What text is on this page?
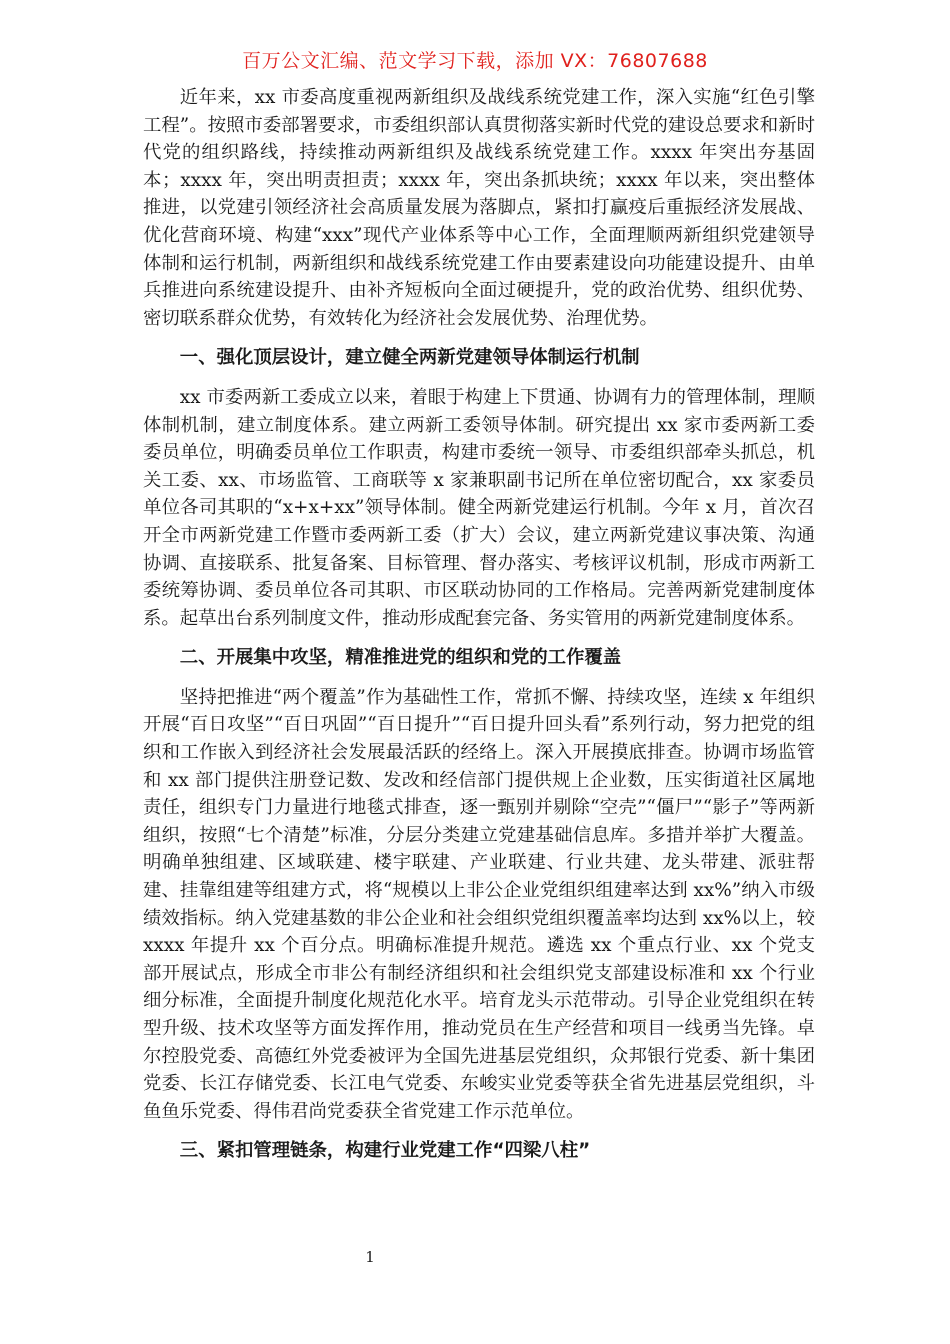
百万公文汇编、范文学习下载，添加 VX：76807688

近年来，xx 市委高度重视两新组织及战线系统党建工作，深入实施“红色引擎工程”。按照市委部署要求，市委组织部认真贯彻落实新时代党的建设总要求和新时代党的组织路线，持续推动两新组织及战线系统党建工作。xxxx 年突出夯基固本；xxxx 年，突出明责担责；xxxx 年，突出条抓块统；xxxx 年以来，突出整体推进，以党建引领经济社会高质量发展为落脚点，紧扣打赢疫后重振经济发展战、优化营商环境、构建“xxx”现代产业体系等中心工作，全面理顺两新组织党建领导体制和运行机制，两新组织和战线系统党建工作由要素建设向功能建设提升、由单兵推进向系统建设提升、由补齐短板向全面过硬提升，党的政治优势、组织优势、密切联系群众优势，有效转化为经济社会发展优势、治理优势。

一、强化顶层设计，建立健全两新党建领导体制运行机制

xx 市委两新工委成立以来，着眼于构建上下贯通、协调有力的管理体制，理顺体制机制，建立制度体系。建立两新工委领导体制。研究提出 xx 家市委两新工委委员单位，明确委员单位工作职责，构建市委统一领导、市委组织部牵头抓总，机关工委、xx、市场监管、工商联等 x 家兼职副书记所在单位密切配合，xx 家委员单位各司其职的“x+x+xx”领导体制。健全两新党建运行机制。今年 x 月，首次召开全市两新党建工作暨市委两新工委（扩大）会议，建立两新党建议事决策、沟通协调、直接联系、批复备案、目标管理、督办落实、考核评议机制，形成市两新工委统筹协调、委员单位各司其职、市区联动协同的工作格局。完善两新党建制度体系。起草出台系列制度文件，推动形成配套完备、务实管用的两新党建制度体系。

二、开展集中攻坚，精准推进党的组织和党的工作覆盖

坚持把推进“两个覆盖”作为基础性工作，常抓不懈、持续攻坚，连续 x 年组织开展“百日攻坚”“百日巩固”“百日提升”“百日提升回头看”系列行动，努力把党的组织和工作嵌入到经济社会发展最活跃的经络上。深入开展摸底排查。协调市场监管和 xx 部门提供注册登记数、发改和经信部门提供规上企业数，压实街道社区属地责任，组织专门力量进行地毯式排查，逐一甄别并剔除“空壳”“僵尸”“影子”等两新组织，按照“七个清楚”标准，分层分类建立党建基础信息库。多措并举扩大覆盖。明确单独组建、区域联建、楼宇联建、产业联建、行业共建、龙头带建、派驻帮建、挂靠组建等组建方式，将“规模以上非公企业党组织组建率达到 xx%”纳入市级绩效指标。纳入党建基数的非公企业和社会组织党组织覆盖率均达到 xx%以上，较 xxxx 年提升 xx 个百分点。明确标准提升规范。遴选 xx 个重点行业、xx 个党支部开展试点，形成全市非公有制经济组织和社会组织党支部建设标准和 xx 个行业细分标准，全面提升制度化规范化水平。培育龙头示范带动。引导企业党组织在转型升级、技术攻坚等方面发挥作用，推动党员在生产经营和项目一线勇当先锋。卓尔控股党委、高德红外党委被评为全国先进基层党组织，众邦银行党委、新十集团党委、长江存储党委、长江电气党委、东峻实业党委等获全省先进基层党组织，斗鱼鱼乐党委、得伟君尚党委获全省党建工作示范单位。

三、紧扣管理链条，构建行业党建工作“四梁八柱”

1
